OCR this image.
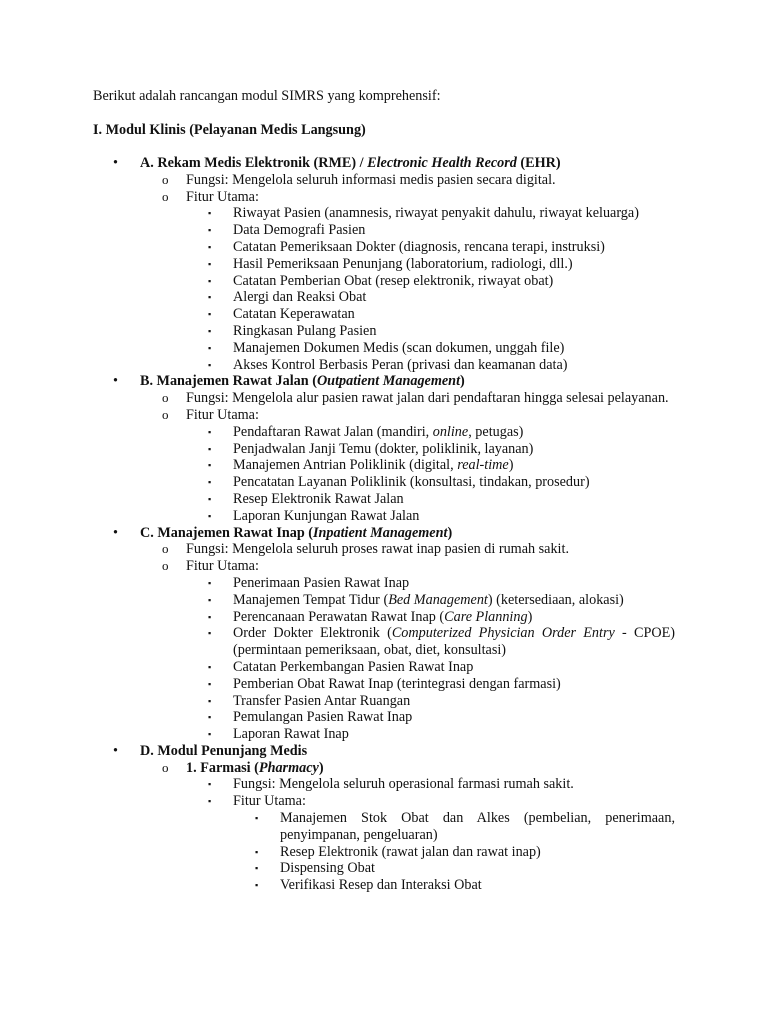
Berikut adalah rancangan modul SIMRS yang komprehensif:
I. Modul Klinis (Pelayanan Medis Langsung)
•	A. Rekam Medis Elektronik (RME) / Electronic Health Record (EHR)
o	Fungsi: Mengelola seluruh informasi medis pasien secara digital.
o	Fitur Utama:
▪	Riwayat Pasien (anamnesis, riwayat penyakit dahulu, riwayat keluarga)
▪	Data Demografi Pasien
▪	Catatan Pemeriksaan Dokter (diagnosis, rencana terapi, instruksi)
▪	Hasil Pemeriksaan Penunjang (laboratorium, radiologi, dll.)
▪	Catatan Pemberian Obat (resep elektronik, riwayat obat)
▪	Alergi dan Reaksi Obat
▪	Catatan Keperawatan
▪	Ringkasan Pulang Pasien
▪	Manajemen Dokumen Medis (scan dokumen, unggah file)
▪	Akses Kontrol Berbasis Peran (privasi dan keamanan data)
•	B. Manajemen Rawat Jalan (Outpatient Management)
o	Fungsi: Mengelola alur pasien rawat jalan dari pendaftaran hingga selesai pelayanan.
o	Fitur Utama:
▪	Pendaftaran Rawat Jalan (mandiri, online, petugas)
▪	Penjadwalan Janji Temu (dokter, poliklinik, layanan)
▪	Manajemen Antrian Poliklinik (digital, real-time)
▪	Pencatatan Layanan Poliklinik (konsultasi, tindakan, prosedur)
▪	Resep Elektronik Rawat Jalan
▪	Laporan Kunjungan Rawat Jalan
•	C. Manajemen Rawat Inap (Inpatient Management)
o	Fungsi: Mengelola seluruh proses rawat inap pasien di rumah sakit.
o	Fitur Utama:
▪	Penerimaan Pasien Rawat Inap
▪	Manajemen Tempat Tidur (Bed Management) (ketersediaan, alokasi)
▪	Perencanaan Perawatan Rawat Inap (Care Planning)
▪	Order Dokter Elektronik (Computerized Physician Order Entry - CPOE) (permintaan pemeriksaan, obat, diet, konsultasi)
▪	Catatan Perkembangan Pasien Rawat Inap
▪	Pemberian Obat Rawat Inap (terintegrasi dengan farmasi)
▪	Transfer Pasien Antar Ruangan
▪	Pemulangan Pasien Rawat Inap
▪	Laporan Rawat Inap
•	D. Modul Penunjang Medis
o	1. Farmasi (Pharmacy)
▪	Fungsi: Mengelola seluruh operasional farmasi rumah sakit.
▪	Fitur Utama:
▪	Manajemen Stok Obat dan Alkes (pembelian, penerimaan, penyimpanan, pengeluaran)
▪	Resep Elektronik (rawat jalan dan rawat inap)
▪	Dispensing Obat
▪	Verifikasi Resep dan Interaksi Obat
